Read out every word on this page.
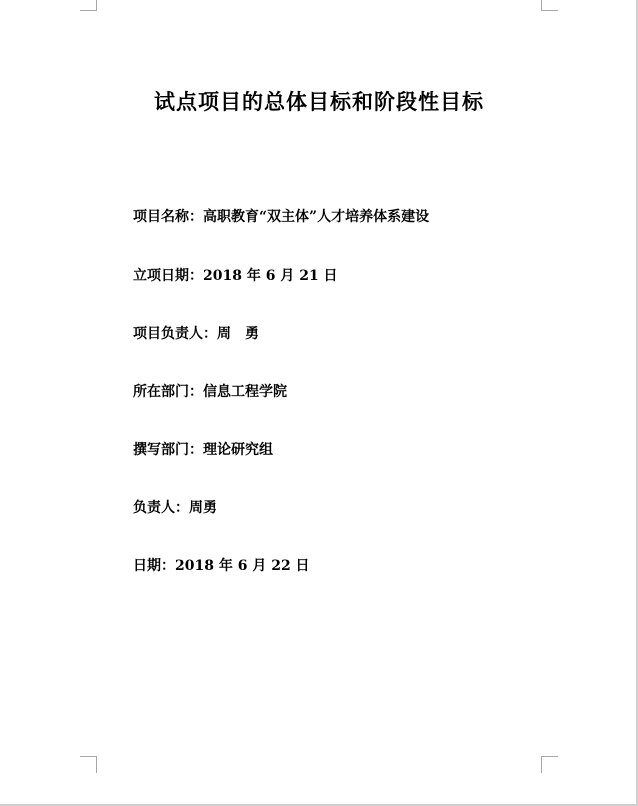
试点项目的总体目标和阶段性目标
项目名称：高职教育“双主体”人才培养体系建设
立项日期：2018 年 6 月 21 日
项目负责人：周　勇
所在部门：信息工程学院
撰写部门：理论研究组
负责人：周勇
日期：2018 年 6 月 22 日
